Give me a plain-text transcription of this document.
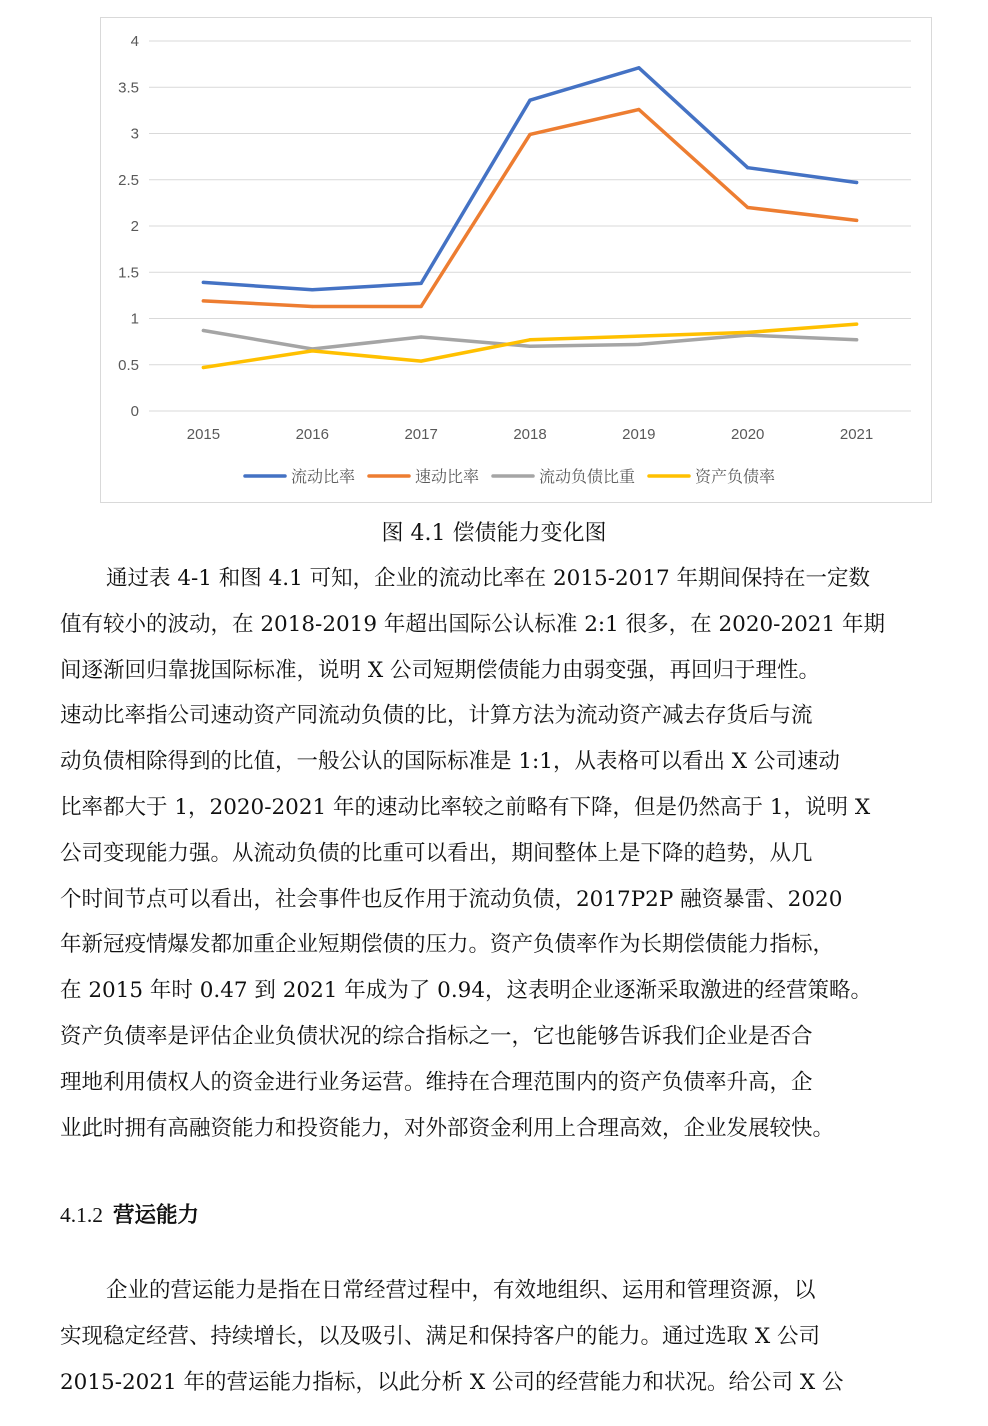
0
0.5
1
1.5
2
2.5
3
3.5
4
2015	2016	2017	2018	2019	2020	2021
流动比率	速动比率	流动负债比重	资产负债率
图 4.1 偿债能力变化图
通过表 4-1 和图 4.1 可知，企业的流动比率在 2015-2017 年期间保持在一定数
值有较小的波动，在 2018-2019 年超出国际公认标准 2:1 很多，在 2020-2021 年期
间逐渐回归靠拢国际标准，说明 X 公司短期偿债能力由弱变强，再回归于理性。
速动比率指公司速动资产同流动负债的比，计算方法为流动资产减去存货后与流
动负债相除得到的比值，一般公认的国际标准是 1:1，从表格可以看出 X 公司速动
比率都大于 1，2020-2021 年的速动比率较之前略有下降，但是仍然高于 1，说明 X
公司变现能力强。从流动负债的比重可以看出，期间整体上是下降的趋势，从几
个时间节点可以看出，社会事件也反作用于流动负债，2017P2P 融资暴雷、2020
年新冠疫情爆发都加重企业短期偿债的压力。资产负债率作为长期偿债能力指标，
在 2015 年时 0.47 到 2021 年成为了 0.94，这表明企业逐渐采取激进的经营策略。
资产负债率是评估企业负债状况的综合指标之一，它也能够告诉我们企业是否合
理地利用债权人的资金进行业务运营。维持在合理范围内的资产负债率升高，企
业此时拥有高融资能力和投资能力，对外部资金利用上合理高效，企业发展较快。
4.1.2 营运能力
企业的营运能力是指在日常经营过程中，有效地组织、运用和管理资源，以
实现稳定经营、持续增长，以及吸引、满足和保持客户的能力。通过选取 X 公司
2015-2021 年的营运能力指标，以此分析 X 公司的经营能力和状况。给公司 X 公
